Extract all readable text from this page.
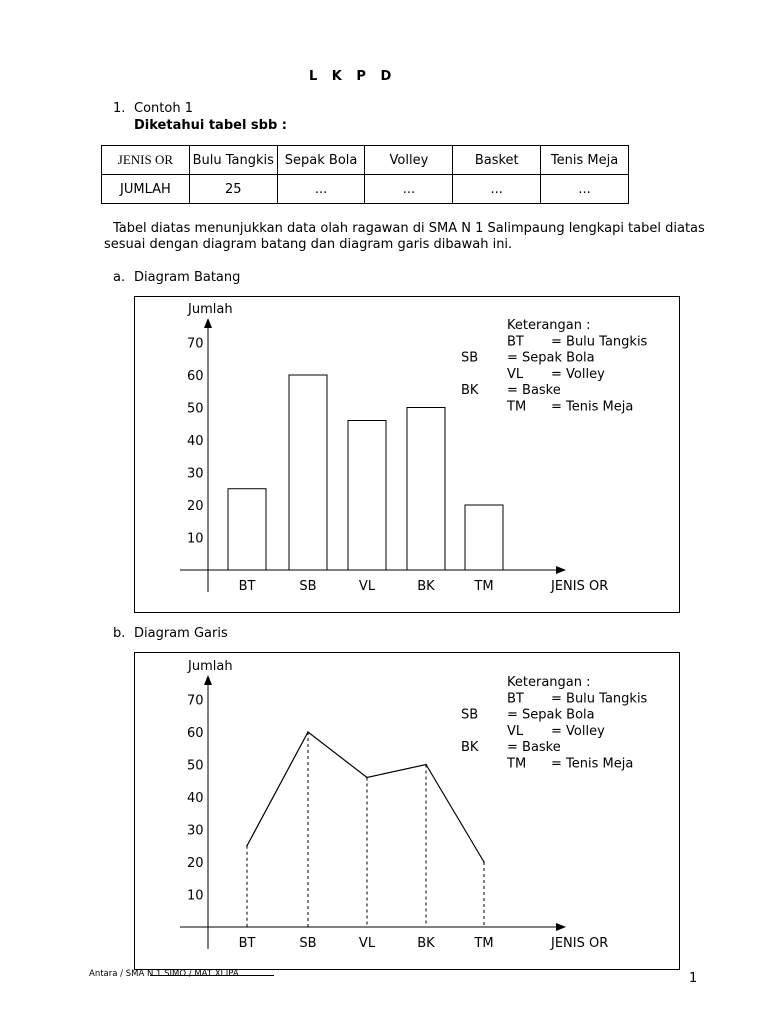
L K P D
1. Contoh 1
Diketahui tabel sbb :
JENIS OR	Bulu Tangkis	Sepak Bola	Volley	Basket	Tenis Meja
JUMLAH	25	...	...	...	...
Tabel diatas menunjukkan data olah ragawan di SMA N 1 Salimpaung lengkapi tabel diatas
sesuai dengan diagram batang dan diagram garis dibawah ini.
a. Diagram Batang
b. Diagram Garis
Jumlah
JENIS OR
10
20
30
40
50
60
70
BT	SB	VL	BK	TM
Keterangan :
BT = Bulu Tangkis
SB = Sepak Bola
VL = Volley
BK = Baske
TM = Tenis Meja
Jumlah
JENIS OR
10
20
30
40
50
60
70
BT	SB	VL	BK	TM
Keterangan :
BT = Bulu Tangkis
SB = Sepak Bola
VL = Volley
BK = Baske
TM = Tenis Meja
Antara / SMA N 1 SIMO / MAT XI IPA	1
